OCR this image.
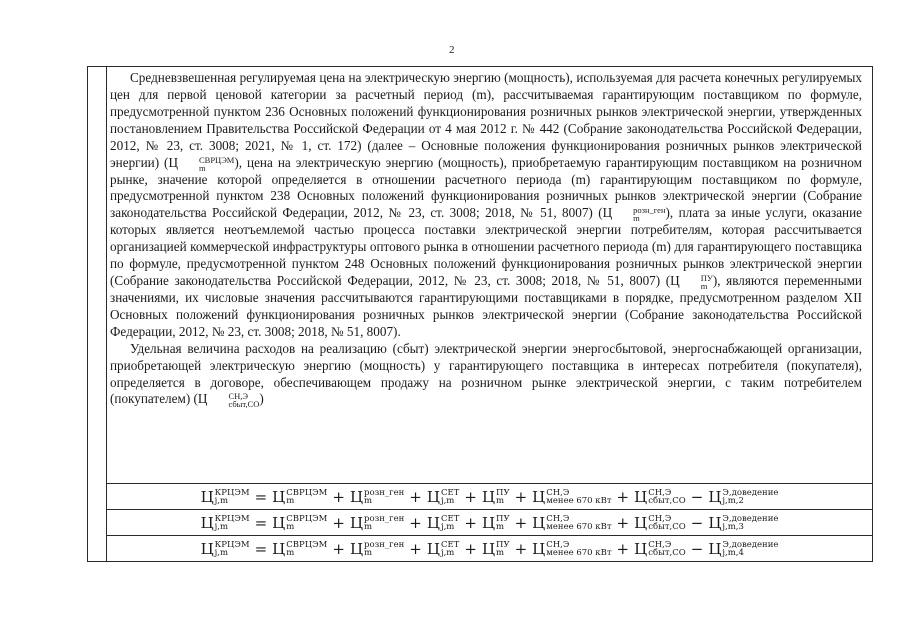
2

Средневзвешенная регулируемая цена на электрическую энергию (мощность), используемая для расчета конечных регулируемых цен для первой ценовой категории за расчетный период (m), рассчитываемая гарантирующим поставщиком по формуле, предусмотренной пунктом 236 Основных положений функционирования розничных рынков электрической энергии, утвержденных постановлением Правительства Российской Федерации от 4 мая 2012 г. № 442 (Собрание законодательства Российской Федерации, 2012, № 23, ст. 3008; 2021, № 1, ст. 172) (далее – Основные положения функционирования розничных рынков электрической энергии) (Ц	СВРЦЭМ
m	), цена на электрическую энергию (мощность), приобретаемую гарантирующим поставщиком на розничном рынке, значение которой определяется в отношении расчетного периода (m) гарантирующим поставщиком по формуле, предусмотренной пунктом 238 Основных положений функционирования розничных рынков электрической энергии (Собрание законодательства Российской Федерации, 2012, № 23, ст. 3008; 2018, № 51, 8007) (Ц	розн_ген
m	), плата за иные услуги, оказание которых является неотъемлемой частью процесса поставки электрической энергии потребителям, которая рассчитывается организацией коммерческой инфраструктуры оптового рынка в отношении расчетного периода (m) для гарантирующего поставщика по формуле, предусмотренной пунктом 248 Основных положений функционирования розничных рынков электрической энергии (Собрание законодательства Российской Федерации, 2012, № 23, ст. 3008; 2018, № 51, 8007) (Ц	ПУ
m ), являются переменными значениями, их числовые значения рассчитываются гарантирующими поставщиками в порядке, предусмотренном разделом XII Основных положений функционирования розничных рынков электрической энергии (Собрание законодательства Российской Федерации, 2012, № 23, ст. 3008; 2018, № 51, 8007).

Удельная величина расходов на реализацию (сбыт) электрической энергии энергосбытовой, энергоснабжающей организации, приобретающей электрическую энергию (мощность) у гарантирующего поставщика в интересах потребителя (покупателя), определяется в договоре, обеспечивающем продажу на розничном рынке электрической энергии, с таким потребителем (покупателем) (Ц	СН,Э
сбыт,СО )

Ц КРЦЭМ
j,m	= Ц СВРЦЭМ
m	+ Ц розн_ген
m	+ Ц СЕТ
j,m + Ц ПУ
m + Ц СН,Э
менее 670 кВт + Ц СН,Э
сбыт,СО − Ц Э,доведение
j,m,2
Ц КРЦЭМ
j,m	= Ц СВРЦЭМ
m	+ Ц розн_ген
m	+ Ц СЕТ
j,m + Ц ПУ
m + Ц СН,Э
менее 670 кВт + Ц СН,Э
сбыт,СО − Ц Э,доведение
j,m,3
Ц КРЦЭМ
j,m	= Ц СВРЦЭМ
m	+ Ц розн_ген
m	+ Ц СЕТ
j,m + Ц ПУ
m + Ц СН,Э
менее 670 кВт + Ц СН,Э
сбыт,СО − Ц Э,доведение
j,m,4
